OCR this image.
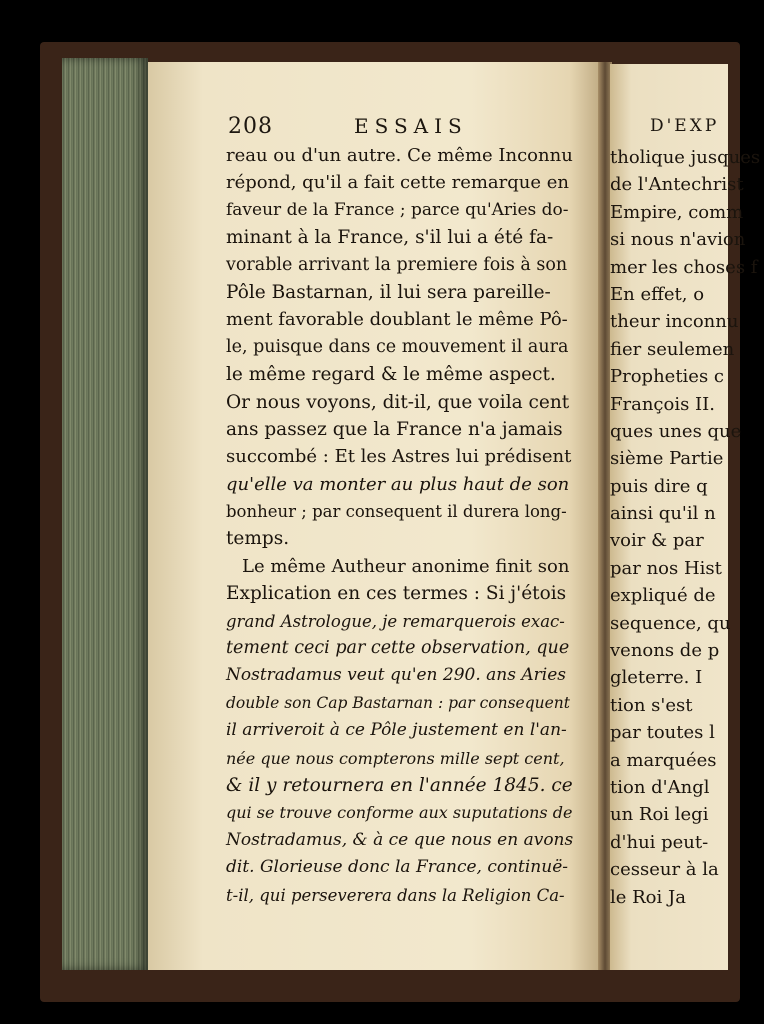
208	ESSAIS
reau ou d'un autre. Ce même Inconnu
répond, qu'il a fait cette remarque en
faveur de la France ; parce qu'Aries do-
minant à la France, s'il lui a été fa-
vorable arrivant la premiere fois à son
Pôle Bastarnan, il lui sera pareille-
ment favorable doublant le même Pô-
le, puisque dans ce mouvement il aura
le même regard & le même aspect.
Or nous voyons, dit-il, que voila cent
ans passez que la France n'a jamais
succombé : Et les Astres lui prédisent
qu'elle va monter au plus haut de son
bonheur ; par consequent il durera long-
temps.
Le même Autheur anonime finit son
Explication en ces termes : Si j'étois
grand Astrologue, je remarquerois exac-
tement ceci par cette observation, que
Nostradamus veut qu'en 290. ans Aries
double son Cap Bastarnan : par consequent
il arriveroit à ce Pôle justement en l'an-
née que nous compterons mille sept cent,
& il y retournera en l'année 1845. ce
qui se trouve conforme aux suputations de
Nostradamus, & à ce que nous en avons
dit. Glorieuse donc la France, continuë-
t-il, qui perseverera dans la Religion Ca-
D'EXP
tholique jusques
de l'Antechrist
Empire, comm
si nous n'avion
mer les choses f
En effet, o
theur inconnu
fier seulemen
Propheties c
François II.
ques unes que
sième Partie
puis dire q
ainsi qu'il n
voir & par
par nos Hist
expliqué de
sequence, qu
venons de p
gleterre. I
tion s'est
par toutes l
a marquées
tion d'Angl
un Roi legi
d'hui peut-
cesseur à la
le Roi Ja
